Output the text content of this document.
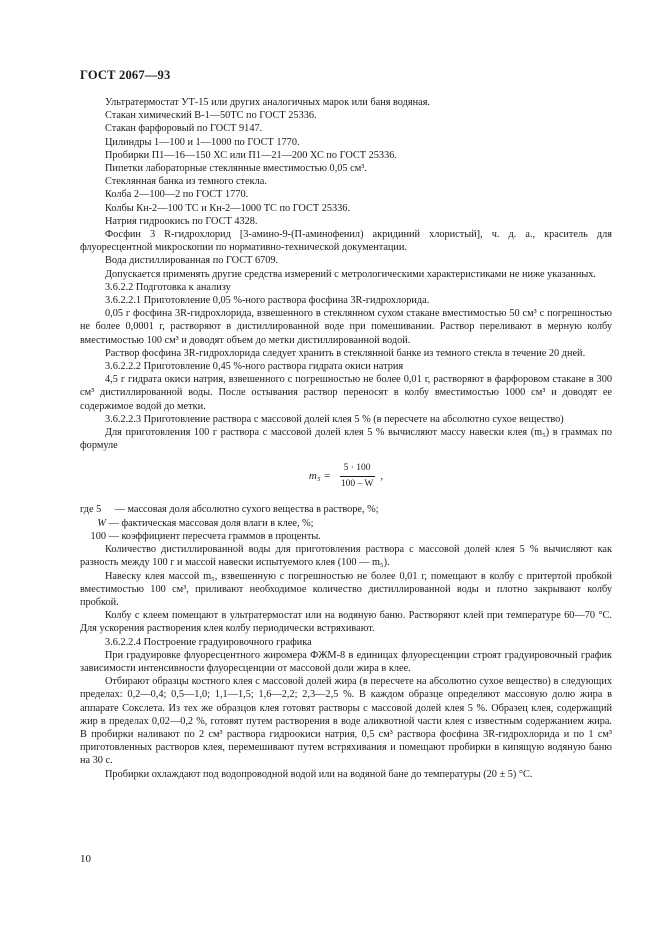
ГОСТ 2067—93

Ультратермостат УТ-15 или других аналогичных марок или баня водяная.

Стакан химический В-1—50ТС по ГОСТ 25336.

Стакан фарфоровый по ГОСТ 9147.

Цилиндры 1—100 и 1—1000 по ГОСТ 1770.

Пробирки П1—16—150 ХС или П1—21—200 ХС по ГОСТ 25336.

Пипетки лабораторные стеклянные вместимостью 0,05 см³.

Стеклянная банка из темного стекла.

Колба 2—100—2 по ГОСТ 1770.

Колбы Кн-2—100 ТС и Кн-2—1000 ТС по ГОСТ 25336.

Натрия гидроокись по ГОСТ 4328.

Фосфин 3 R-гидрохлорид [3-амино-9-(П-аминофенил) акридиний хлористый], ч. д. а., краситель для флуоресцентной микроскопии по нормативно-технической документации.

Вода дистиллированная по ГОСТ 6709.

Допускается применять другие средства измерений с метрологическими характеристиками не ниже указанных.

3.6.2.2 Подготовка к анализу

3.6.2.2.1 Приготовление 0,05 %-ного раствора фосфина 3R-гидрохлорида.

0,05 г фосфина 3R-гидрохлорида, взвешенного в стеклянном сухом стакане вместимостью 50 см³ с погрешностью не более 0,0001 г, растворяют в дистиллированной воде при помешивании. Раствор переливают в мерную колбу вместимостью 100 см³ и доводят объем до метки дистиллированной водой.

Раствор фосфина 3R-гидрохлорида следует хранить в стеклянной банке из темного стекла в течение 20 дней.

3.6.2.2.2 Приготовление 0,45 %-ного раствора гидрата окиси натрия

4,5 г гидрата окиси натрия, взвешенного с погрешностью не более 0,01 г, растворяют в фарфоровом стакане в 300 см³ дистиллированной воды. После остывания раствор переносят в колбу вместимостью 1000 см³ и доводят ее содержимое водой до метки.

3.6.2.2.3 Приготовление раствора с массовой долей клея 5 % (в пересчете на абсолютно сухое вещество)

Для приготовления 100 г раствора с массовой долей клея 5 % вычисляют массу навески клея (m₅) в граммах по формуле

$m_5 = \frac{5 \cdot 100}{100 - W}$ ,
где 5 — массовая доля абсолютно сухого вещества в растворе, %;
W — фактическая массовая доля влаги в клее, %;
100 — коэффициент пересчета граммов в проценты.

Количество дистиллированной воды для приготовления раствора с массовой долей клея 5 % вычисляют как разность между 100 г и массой навески испытуемого клея (100 — m₅).

Навеску клея массой m₅, взвешенную с погрешностью не более 0,01 г, помещают в колбу с притертой пробкой вместимостью 100 см³, приливают необходимое количество дистиллированной воды и плотно закрывают колбу пробкой.

Колбу с клеем помещают в ультратермостат или на водяную баню. Растворяют клей при температуре 60—70 °С. Для ускорения растворения клея колбу периодически встряхивают.

3.6.2.2.4 Построение градуировочного графика

При градуировке флуоресцентного жиромера ФЖМ-8 в единицах флуоресценции строят градуировочный график зависимости интенсивности флуоресценции от массовой доли жира в клее.

Отбирают образцы костного клея с массовой долей жира (в пересчете на абсолютно сухое вещество) в следующих пределах: 0,2—0,4; 0,5—1,0; 1,1—1,5; 1,6—2,2; 2,3—2,5 %. В каждом образце определяют массовую долю жира в аппарате Сокслета. Из тех же образцов клея готовят растворы с массовой долей клея 5 %. Образец клея, содержащий жир в пределах 0,02—0,2 %, готовят путем растворения в воде аликвотной части клея с известным содержанием жира. В пробирки наливают по 2 см³ раствора гидроокиси натрия, 0,5 см³ раствора фосфина 3R-гидрохлорида и по 1 см³ приготовленных растворов клея, перемешивают путем встряхивания и помещают пробирки в кипящую водяную баню на 30 с.

Пробирки охлаждают под водопроводной водой или на водяной бане до температуры (20 ± 5) °С.

10
